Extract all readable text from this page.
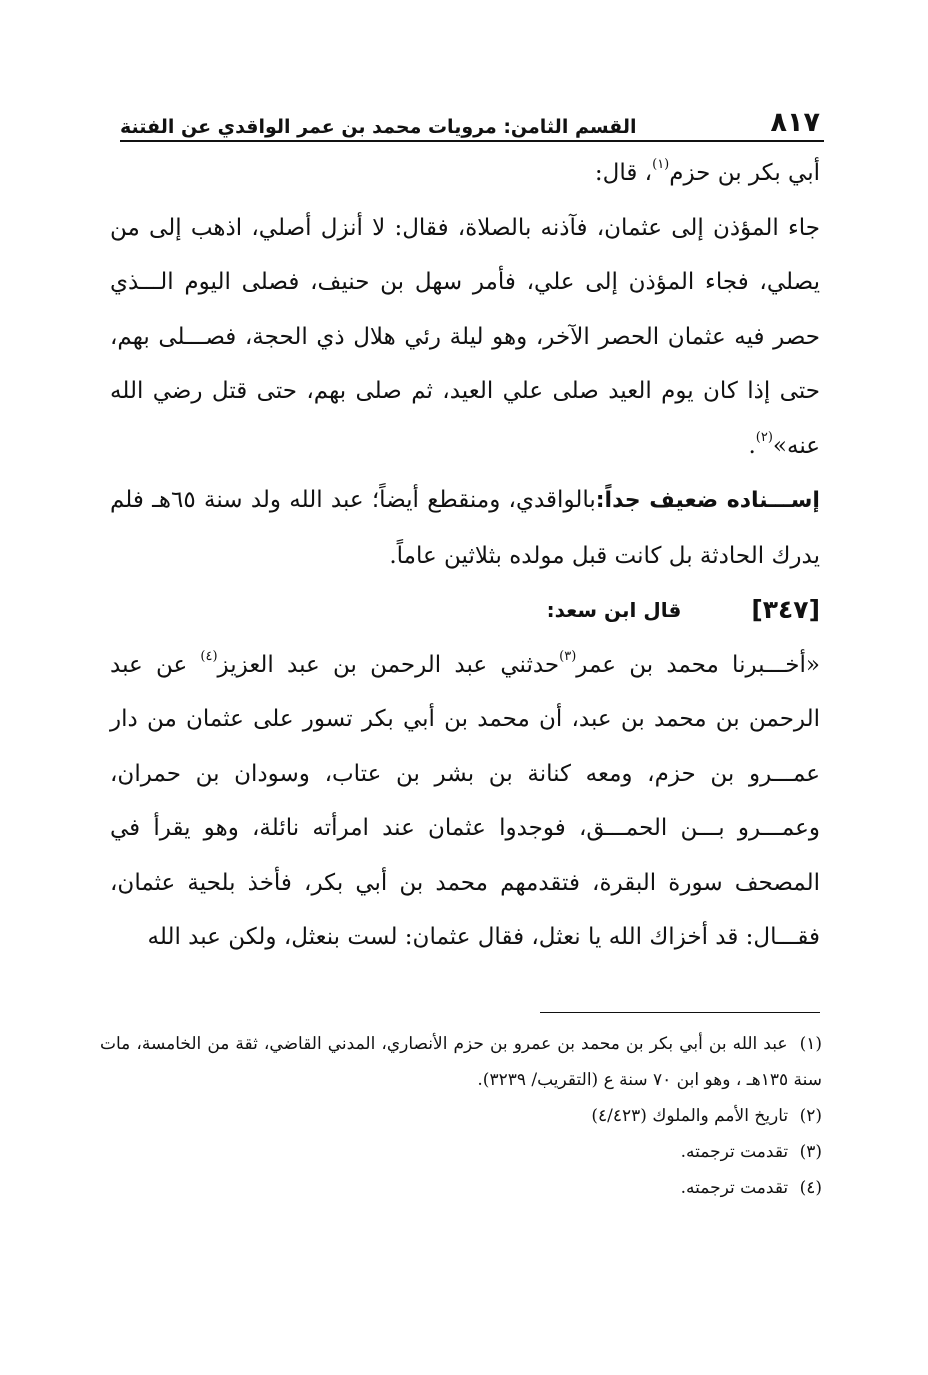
٨١٧
القسم الثامن: مرويات محمد بن عمر الواقدي عن الفتنة

أبي بكر بن حزم$^{(١)}$، قال:

جاء المؤذن إلى عثمان، فآذنه بالصلاة، فقال: لا أنزل أصلي، اذهب إلى من يصلي، فجاء المؤذن إلى علي، فأمر سهل بن حنيف، فصلى اليوم الـــذي حصر فيه عثمان الحصر الآخر، وهو ليلة رئي هلال ذي الحجة، فصـــلى بهم، حتى إذا كان يوم العيد صلى علي العيد، ثم صلى بهم، حتى قتل رضي الله عنه»$^{(٢)}$.

إســـناده ضعيف جداً:بالواقدي، ومنقطع أيضاً؛ عبد الله ولد سنة ٦٥هـ فلم يدرك الحادثة بل كانت قبل مولده بثلاثين عاماً.

[٣٤٧]
قال ابن سعد:

«أخـــبرنا محمد بن عمر$^{(٣)}$حدثني عبد الرحمن بن عبد العزيز$^{(٤)}$ عن عبد الرحمن بن محمد بن عبد، أن محمد بن أبي بكر تسور على عثمان من دار عمـــرو بن حزم، ومعه كنانة بن بشر بن عتاب، وسودان بن حمران، وعمـــرو بـــن الحمـــق، فوجدوا عثمان عند امرأته نائلة، وهو يقرأ في المصحف سورة البقرة، فتقدمهم محمد بن أبي بكر، فأخذ بلحية عثمان، فقـــال: قد أخزاك الله يا نعثل، فقال عثمان: لست بنعثل، ولكن عبد الله

(١) عبد الله بن أبي بكر بن محمد بن عمرو بن حزم الأنصاري، المدني القاضي، ثقة من الخامسة، مات سنة ١٣٥هـ ، وهو ابن ٧٠ سنة ع (التقريب/ ٣٢٣٩).

(٢) تاريخ الأمم والملوك (٤/٤٢٣)

(٣) تقدمت ترجمته.

(٤) تقدمت ترجمته.
